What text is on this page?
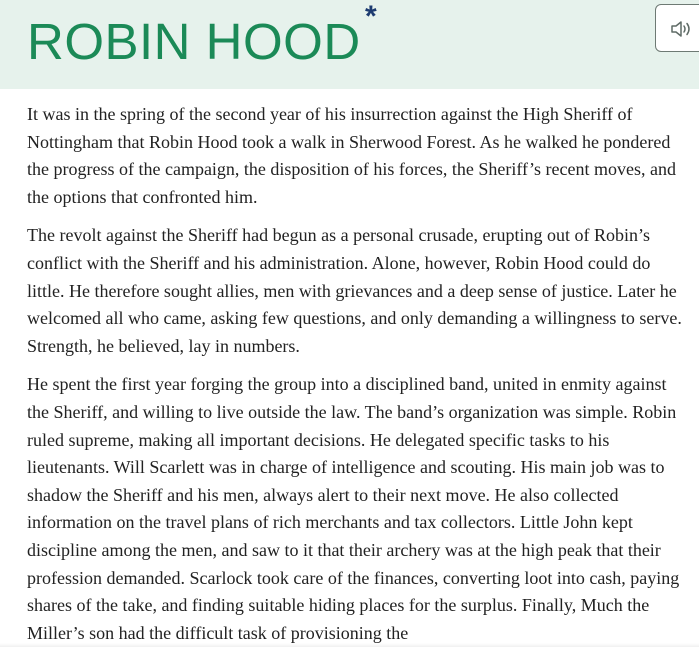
ROBIN HOOD *

It was in the spring of the second year of his insurrection against the High Sheriff of Nottingham that Robin Hood took a walk in Sherwood Forest. As he walked he pondered the progress of the campaign, the disposition of his forces, the Sheriff’s recent moves, and the options that confronted him.

The revolt against the Sheriff had begun as a personal crusade, erupting out of Robin’s conflict with the Sheriff and his administration. Alone, however, Robin Hood could do little. He therefore sought allies, men with grievances and a deep sense of justice. Later he welcomed all who came, asking few questions, and only demanding a willingness to serve. Strength, he believed, lay in numbers.

He spent the first year forging the group into a disciplined band, united in enmity against the Sheriff, and willing to live outside the law. The band’s organization was simple. Robin ruled supreme, making all important decisions. He delegated specific tasks to his lieutenants. Will Scarlett was in charge of intelligence and scouting. His main job was to shadow the Sheriff and his men, always alert to their next move. He also collected information on the travel plans of rich merchants and tax collectors. Little John kept discipline among the men, and saw to it that their archery was at the high peak that their profession demanded. Scarlock took care of the finances, converting loot into cash, paying shares of the take, and finding suitable hiding places for the surplus. Finally, Much the Miller’s son had the difficult task of provisioning the
